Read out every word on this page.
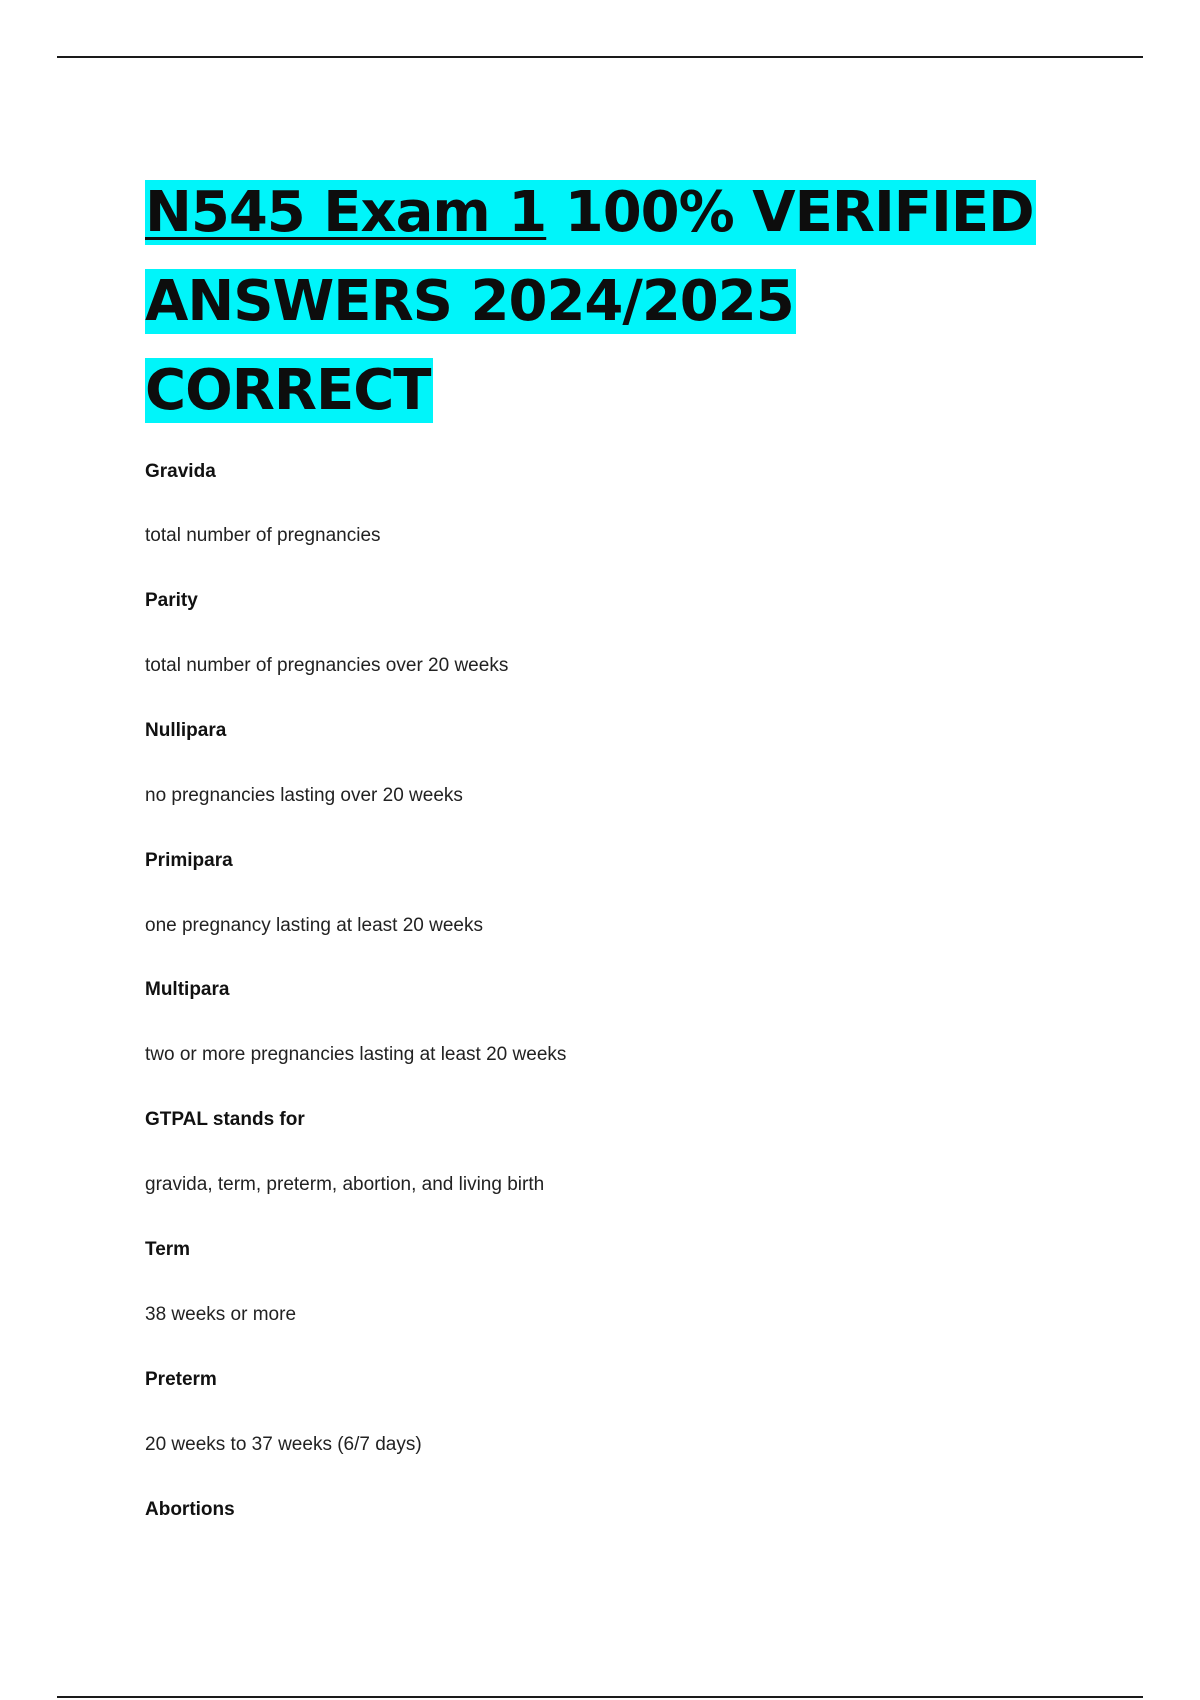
N545 Exam 1 100% VERIFIED
ANSWERS 2024/2025
CORRECT
Gravida
total number of pregnancies
Parity
total number of pregnancies over 20 weeks
Nullipara
no pregnancies lasting over 20 weeks
Primipara
one pregnancy lasting at least 20 weeks
Multipara
two or more pregnancies lasting at least 20 weeks
GTPAL stands for
gravida, term, preterm, abortion, and living birth
Term
38 weeks or more
Preterm
20 weeks to 37 weeks (6/7 days)
Abortions
